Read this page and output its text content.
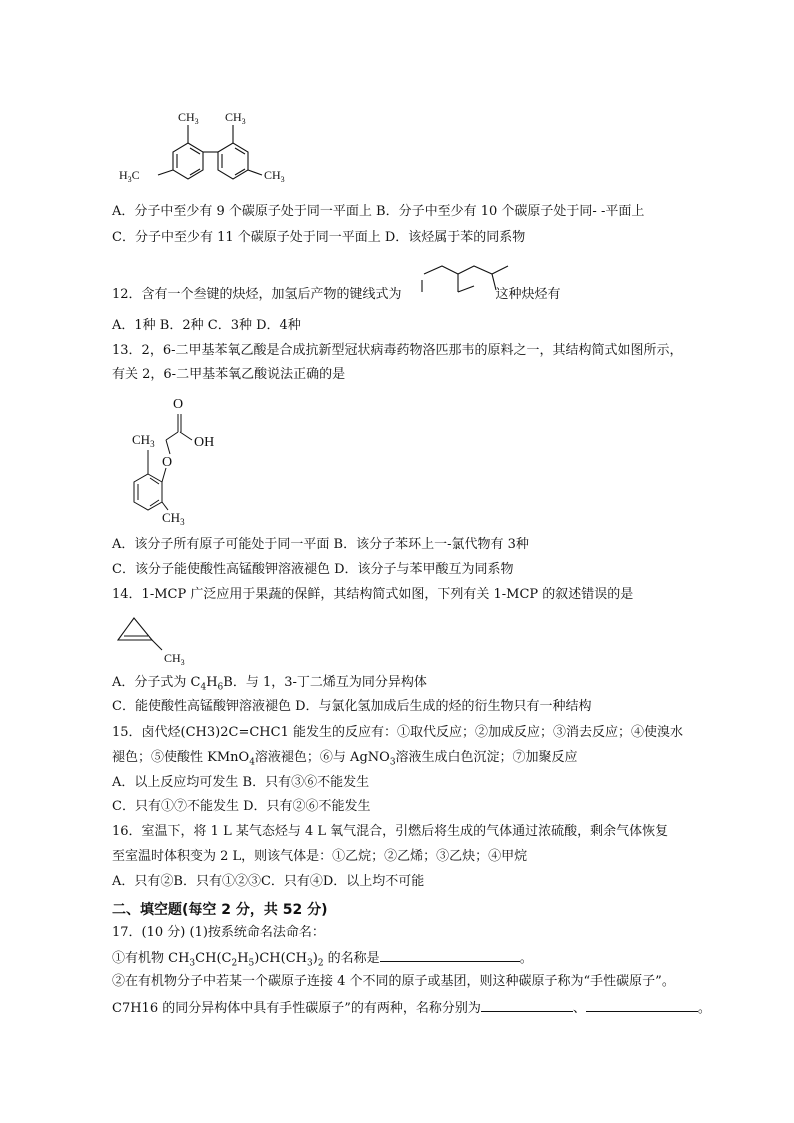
$CH_3$ $CH_3$
$H_3C$	$CH_3$
A．分子中至少有 9 个碳原子处于同一平面上 B．分子中至少有 10 个碳原子处于同- -平面上
C．分子中至少有 11 个碳原子处于同一平面上 D．该烃属于苯的同系物
12．含有一个叁键的炔烃，加氢后产物的键线式为	这种炔烃有
A．1种 B．2种 C．3种 D．4种
13．2，6-二甲基苯氧乙酸是合成抗新型冠状病毒药物洛匹那韦的原料之一，其结构简式如图所示，
有关 2，6-二甲基苯氧乙酸说法正确的是
O
OH
$CH_3$
O
$CH_3$
A．该分子所有原子可能处于同一平面 B．该分子苯环上一-氯代物有 3种
C．该分子能使酸性高锰酸钾溶液褪色 D．该分子与苯甲酸互为同系物
14．1-MCP 广泛应用于果蔬的保鲜，其结构简式如图，下列有关 1-MCP 的叙述错误的是
$CH_3$
A．分子式为 $C_4H_6B$．与 1，3-丁二烯互为同分异构体
C．能使酸性高锰酸钾溶液褪色 D．与氯化氢加成后生成的烃的衍生物只有一种结构
15．卤代烃(CH3)2C=CHC1 能发生的反应有：①取代反应；②加成反应；③消去反应；④使溴水
褪色；⑤使酸性 KMnO$_4$溶液褪色；⑥与 AgNO$_3$溶液生成白色沉淀；⑦加聚反应
A．以上反应均可发生 B．只有③⑥不能发生
C．只有①⑦不能发生 D．只有②⑥不能发生
16．室温下，将 1 L 某气态烃与 4 L 氧气混合，引燃后将生成的气体通过浓硫酸，剩余气体恢复
至室温时体积变为 2 L，则该气体是：①乙烷；②乙烯；③乙炔；④甲烷
A．只有②B．只有①②③C．只有④D．以上均不可能
二、填空题(每空 2 分，共 52 分)
17．(10 分) (1)按系统命名法命名：
①有机物 $CH_3CH(C_2H_5)CH(CH_3)_2$ 的名称是	。
②在有机物分子中若某一个碳原子连接 4 个不同的原子或基团，则这种碳原子称为“手性碳原子”。
C7H16 的同分异构体中具有手性碳原子”的有两种，名称分别为	、	。
